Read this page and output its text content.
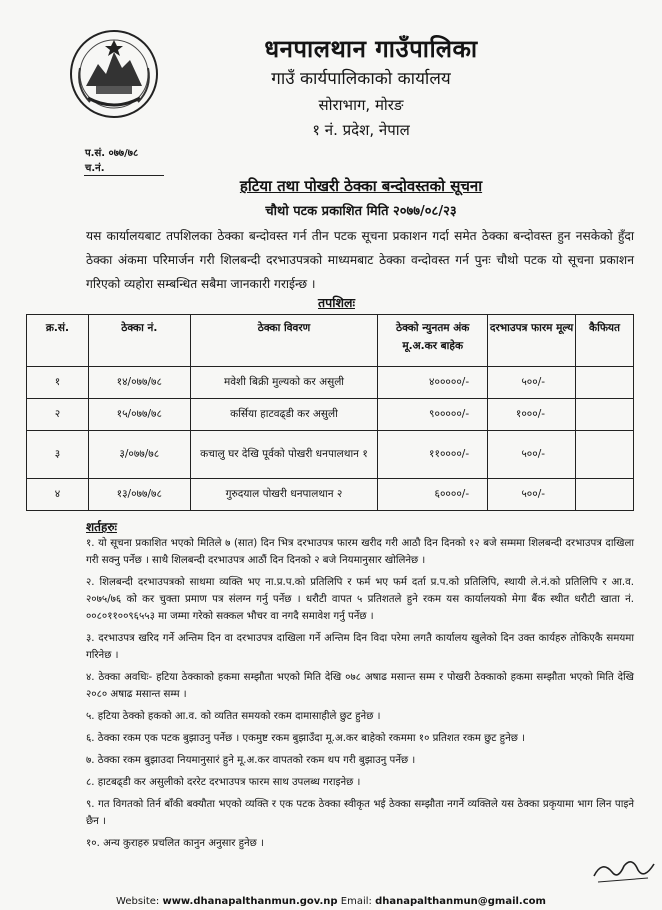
धनपालथान गाउँपालिका
गाउँ कार्यपालिकाको कार्यालय
सोराभाग, मोरङ
१ नं. प्रदेश, नेपाल
प.सं. ०७७/७८
च.नं.
हटिया तथा पोखरी ठेक्का बन्दोवस्तको सूचना
चौथो पटक प्रकाशित मिति २०७७/०८/२३
यस कार्यालयबाट तपशिलका ठेक्का बन्दोवस्त गर्न तीन पटक सूचना प्रकाशन गर्दा समेत ठेक्का बन्दोवस्त हुन नसकेको हुँदा ठेक्का अंकमा परिमार्जन गरी शिलबन्दी दरभाउपत्रको माध्यमबाट ठेक्का वन्दोवस्त गर्न पुनः चौथो पटक यो सूचना प्रकाशन गरिएको व्यहोरा सम्बन्धित सबैमा जानकारी गराईन्छ ।
तपशिलः
क्र.सं.	ठेक्का नं.	ठेक्का विवरण	ठेक्को न्युनतम अंक मू.अ.कर बाहेक	दरभाउपत्र फारम मूल्य	कैफियत
१	१४/०७७/७८	मवेशी बिक्री मुल्यको कर असुली	४०००००/-	५००/-	
२	१५/०७७/७८	कर्सिया हाटवढ्डी कर असुली	९०००००/-	१०००/-	
३	३/०७७/७८	कचालु घर देखि पूर्वको पोखरी धनपालथान १	११००००/-	५००/-	
४	१३/०७७/७८	गुरुदयाल पोखरी धनपालथान २	६००००/-	५००/-	
शर्तहरुः

१. यो सूचना प्रकाशित भएको मितिले ७ (सात) दिन भित्र दरभाउपत्र फारम खरीद गरी आठौ दिन दिनको १२ बजे सम्ममा शिलबन्दी दरभाउपत्र दाखिला गरी सक्नु पर्नेछ । साथै शिलबन्दी दरभाउपत्र आठौं दिन दिनको २ बजे नियमानुसार खोलिनेछ ।

२. शिलबन्दी दरभाउपत्रको साथमा व्यक्ति भए ना.प्र.प.को प्रतिलिपि र फर्म भए फर्म दर्ता प्र.प.को प्रतिलिपि, स्थायी ले.नं.को प्रतिलिपि र आ.व. २०७५/७६ को कर चुक्ता प्रमाण पत्र संलग्न गर्नु पर्नेछ । धरौटी वापत ५ प्रतिशतले हुने रकम यस कार्यालयको मेगा बैंक स्थीत धरौटी खाता नं. ००८०११००९६५५३ मा जम्मा गरेको सक्कल भौचर वा नगदै समावेश गर्नु पर्नेछ ।

३. दरभाउपत्र खरिद गर्ने अन्तिम दिन वा दरभाउपत्र दाखिला गर्ने अन्तिम दिन विदा परेमा लगतै कार्यालय खुलेको दिन उक्त कार्यहरु तोकिएकै समयमा गरिनेछ ।

४. ठेक्का अवधिः- हटिया ठेक्काको हकमा सम्झौता भएको मिति देखि ०७८ अषाढ मसान्त सम्म र पोखरी ठेक्काको हकमा सम्झौता भएको मिति देखि २०८० अषाढ मसान्त सम्म ।

५. हटिया ठेक्को हकको आ.व. को व्यतित समयको रकम दामासाहीले छुट हुनेछ ।

६. ठेक्का रकम एक पटक बुझाउनु पर्नेछ । एकमुष्ट रकम बुझाउँदा मू.अ.कर बाहेको रकममा १० प्रतिशत रकम छुट हुनेछ ।

७. ठेक्का रकम बुझाउदा नियमानुसारं हुने मू.अ.कर वापतको रकम थप गरी बुझाउनु पर्नेछ ।

८. हाटबढ्डी कर असुलीको दररेट दरभाउपत्र फारम साथ उपलब्ध गराइनेछ ।

९. गत विगतको तिर्न बाँकी बक्यौता भएको व्यक्ति र एक पटक ठेक्का स्वीकृत भई ठेक्का सम्झौता नगर्ने व्यक्तिले यस ठेक्का प्रकृयामा भाग लिन पाइने छैन ।

१०. अन्य कुराहरु प्रचलित कानुन अनुसार हुनेछ ।

Website: www.dhanapalthanmun.gov.np Email: dhanapalthanmun@gmail.com
